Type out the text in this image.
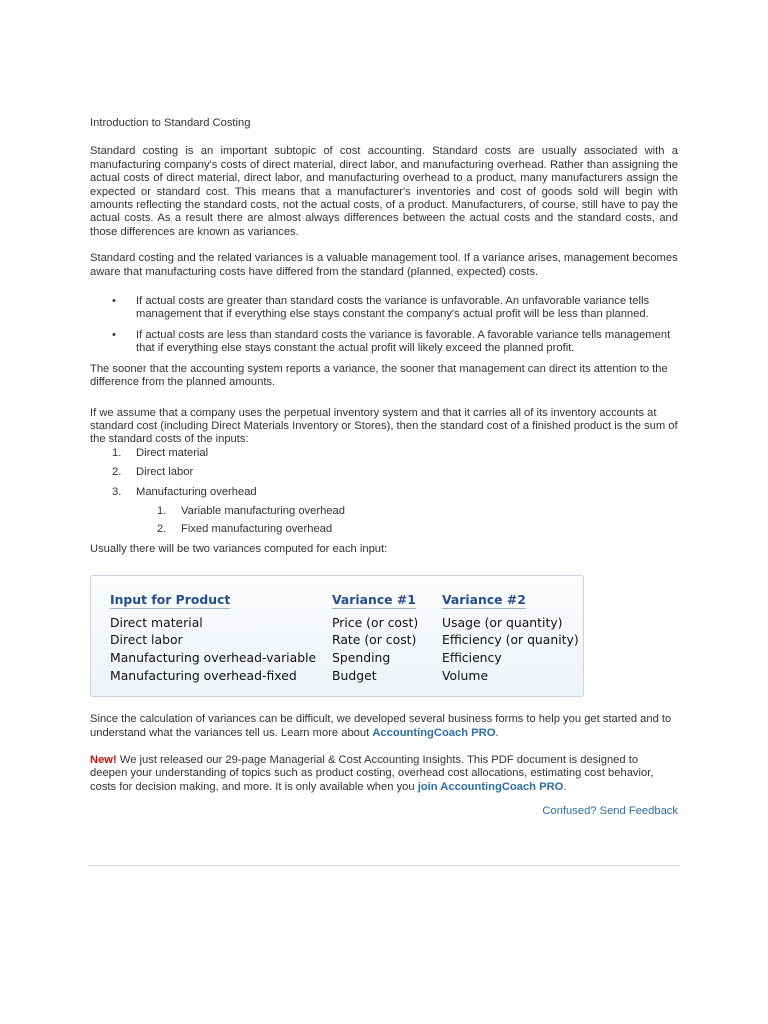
Introduction to Standard Costing

Standard costing is an important subtopic of cost accounting. Standard costs are usually associated with a manufacturing company's costs of direct material, direct labor, and manufacturing overhead. Rather than assigning the actual costs of direct material, direct labor, and manufacturing overhead to a product, many manufacturers assign the expected or standard cost. This means that a manufacturer's inventories and cost of goods sold will begin with amounts reflecting the standard costs, not the actual costs, of a product. Manufacturers, of course, still have to pay the actual costs. As a result there are almost always differences between the actual costs and the standard costs, and those differences are known as variances.

Standard costing and the related variances is a valuable management tool. If a variance arises, management becomes aware that manufacturing costs have differed from the standard (planned, expected) costs.

• If actual costs are greater than standard costs the variance is unfavorable. An unfavorable variance tells management that if everything else stays constant the company's actual profit will be less than planned.
• If actual costs are less than standard costs the variance is favorable. A favorable variance tells management that if everything else stays constant the actual profit will likely exceed the planned profit.

The sooner that the accounting system reports a variance, the sooner that management can direct its attention to the difference from the planned amounts.

If we assume that a company uses the perpetual inventory system and that it carries all of its inventory accounts at standard cost (including Direct Materials Inventory or Stores), then the standard cost of a finished product is the sum of the standard costs of the inputs:

1. Direct material
2. Direct labor
3. Manufacturing overhead
1. Variable manufacturing overhead
2. Fixed manufacturing overhead

Usually there will be two variances computed for each input:

Input for Product	Variance #1	Variance #2
Direct material	Price (or cost)	Usage (or quantity)
Direct labor	Rate (or cost)	Efficiency (or quanity)
Manufacturing overhead-variable	Spending	Efficiency
Manufacturing overhead-fixed	Budget	Volume

Since the calculation of variances can be difficult, we developed several business forms to help you get started and to understand what the variances tell us. Learn more about AccountingCoach PRO.

New! We just released our 29-page Managerial & Cost Accounting Insights. This PDF document is designed to deepen your understanding of topics such as product costing, overhead cost allocations, estimating cost behavior, costs for decision making, and more. It is only available when you join AccountingCoach PRO.

Confused? Send Feedback
